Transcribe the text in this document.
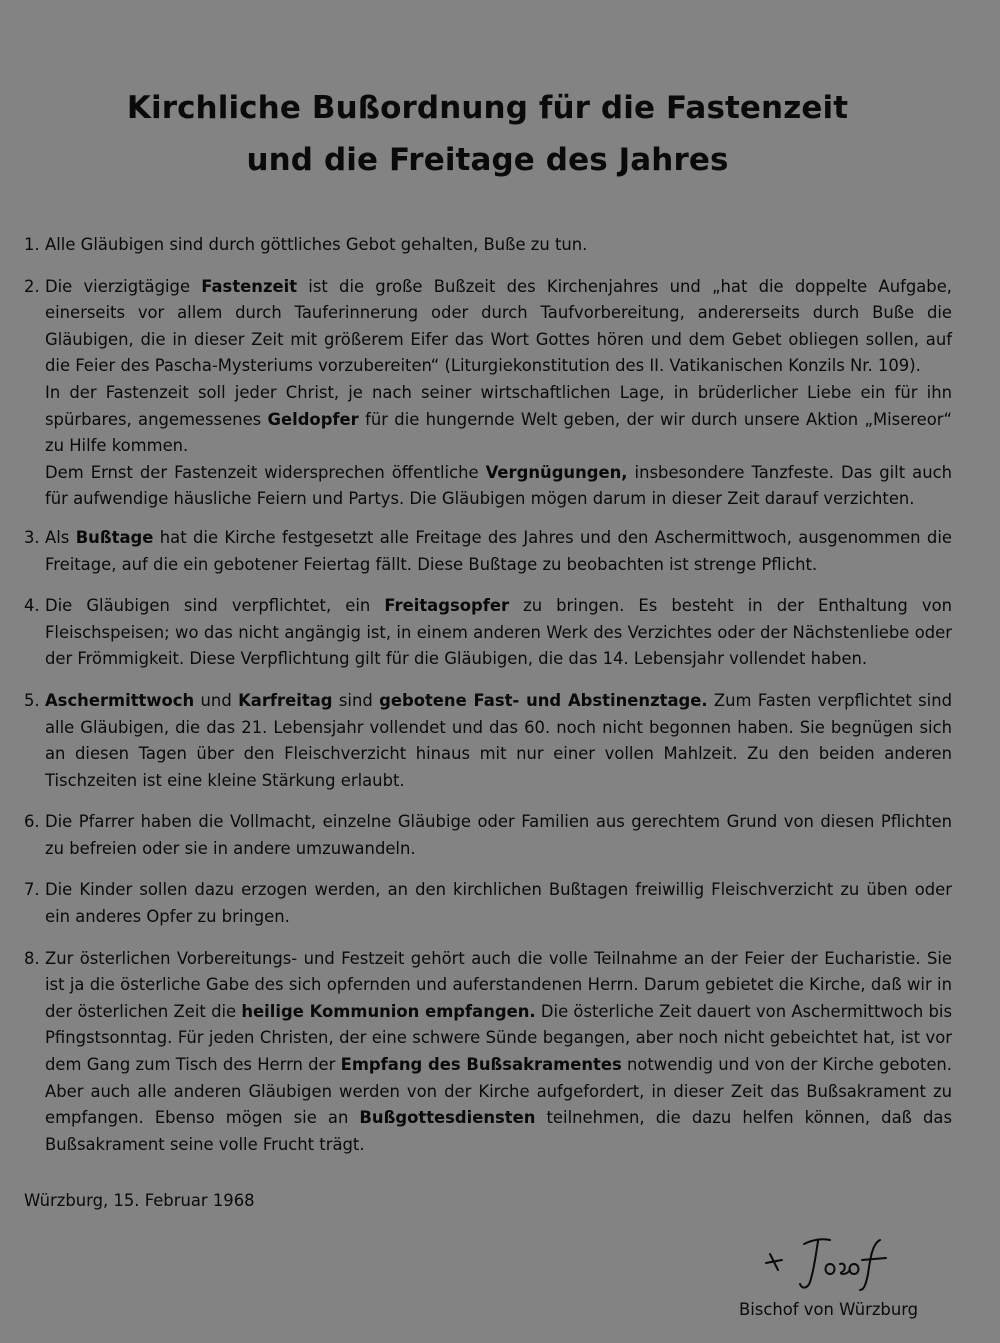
Kirchliche Bußordnung für die Fastenzeit
und die Freitage des Jahres
1. Alle Gläubigen sind durch göttliches Gebot gehalten, Buße zu tun.

2. Die vierzigtägige Fastenzeit ist die große Bußzeit des Kirchenjahres und „hat die doppelte Aufgabe, einerseits vor allem durch Tauferinnerung oder durch Taufvorbereitung, andererseits durch Buße die Gläubigen, die in dieser Zeit mit größerem Eifer das Wort Gottes hören und dem Gebet obliegen sollen, auf die Feier des Pascha-Mysteriums vorzubereiten“ (Liturgiekonstitution des II. Vatikanischen Konzils Nr. 109).

In der Fastenzeit soll jeder Christ, je nach seiner wirtschaftlichen Lage, in brüderlicher Liebe ein für ihn spürbares, angemessenes Geldopfer für die hungernde Welt geben, der wir durch unsere Aktion „Misereor“ zu Hilfe kommen.

Dem Ernst der Fastenzeit widersprechen öffentliche Vergnügungen, insbesondere Tanzfeste. Das gilt auch für aufwendige häusliche Feiern und Partys. Die Gläubigen mögen darum in dieser Zeit darauf verzichten.

3. Als Bußtage hat die Kirche festgesetzt alle Freitage des Jahres und den Aschermittwoch, ausgenommen die Freitage, auf die ein gebotener Feiertag fällt. Diese Bußtage zu beobachten ist strenge Pflicht.

4. Die Gläubigen sind verpflichtet, ein Freitagsopfer zu bringen. Es besteht in der Enthaltung von Fleischspeisen; wo das nicht angängig ist, in einem anderen Werk des Verzichtes oder der Nächstenliebe oder der Frömmigkeit. Diese Verpflichtung gilt für die Gläubigen, die das 14. Lebensjahr vollendet haben.

5. Aschermittwoch und Karfreitag sind gebotene Fast- und Abstinenztage. Zum Fasten verpflichtet sind alle Gläubigen, die das 21. Lebensjahr vollendet und das 60. noch nicht begonnen haben. Sie begnügen sich an diesen Tagen über den Fleischverzicht hinaus mit nur einer vollen Mahlzeit. Zu den beiden anderen Tischzeiten ist eine kleine Stärkung erlaubt.

6. Die Pfarrer haben die Vollmacht, einzelne Gläubige oder Familien aus gerechtem Grund von diesen Pflichten zu befreien oder sie in andere umzuwandeln.

7. Die Kinder sollen dazu erzogen werden, an den kirchlichen Bußtagen freiwillig Fleischverzicht zu üben oder ein anderes Opfer zu bringen.

8. Zur österlichen Vorbereitungs- und Festzeit gehört auch die volle Teilnahme an der Feier der Eucharistie. Sie ist ja die österliche Gabe des sich opfernden und auferstandenen Herrn. Darum gebietet die Kirche, daß wir in der österlichen Zeit die heilige Kommunion empfangen. Die österliche Zeit dauert von Aschermittwoch bis Pfingstsonntag. Für jeden Christen, der eine schwere Sünde begangen, aber noch nicht gebeichtet hat, ist vor dem Gang zum Tisch des Herrn der Empfang des Bußsakramentes notwendig und von der Kirche geboten. Aber auch alle anderen Gläubigen werden von der Kirche aufgefordert, in dieser Zeit das Bußsakrament zu empfangen. Ebenso mögen sie an Bußgottesdiensten teilnehmen, die dazu helfen können, daß das Bußsakrament seine volle Frucht trägt.

Würzburg, 15. Februar 1968
Bischof von Würzburg
